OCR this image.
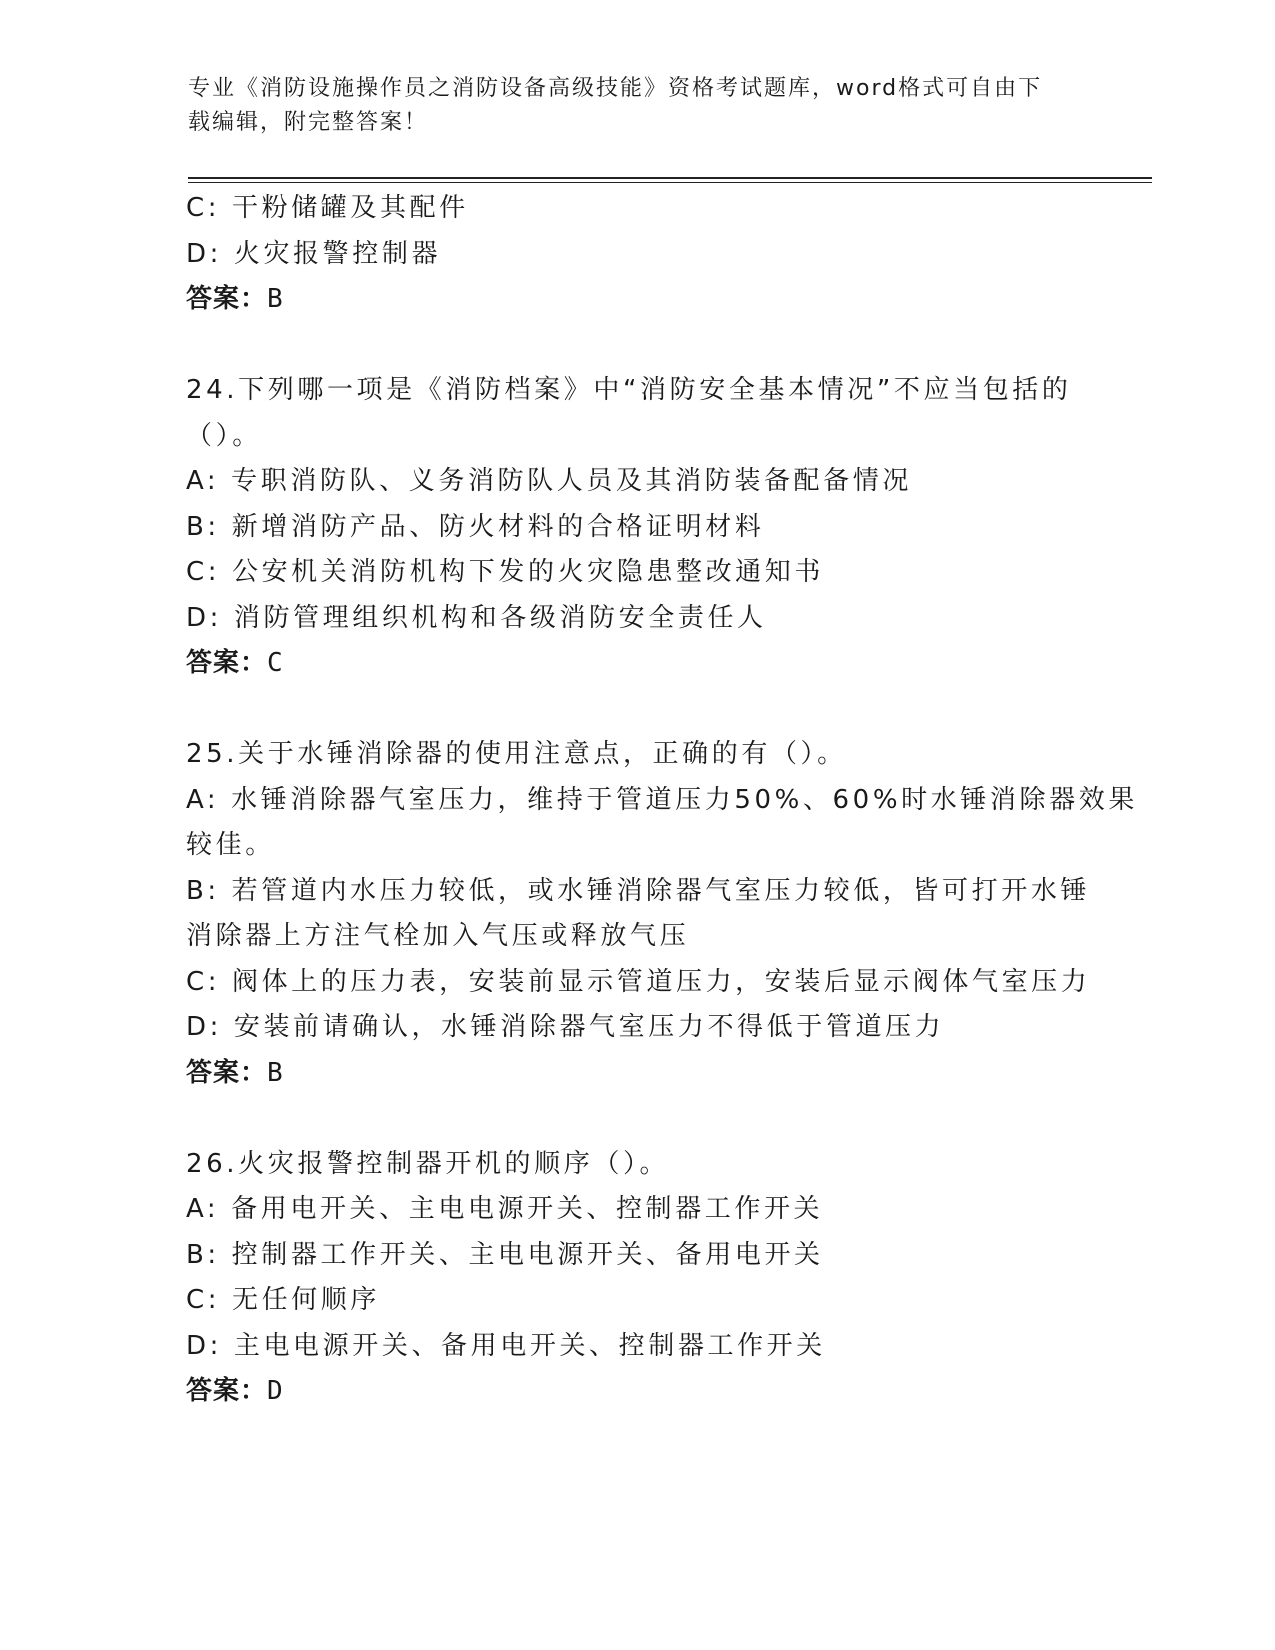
专业《消防设施操作员之消防设备高级技能》资格考试题库，word格式可自由下
载编辑，附完整答案！
C: 干粉储罐及其配件
D: 火灾报警控制器
答案：B
24.下列哪一项是《消防档案》中“消防安全基本情况”不应当包括的
（）。
A: 专职消防队、义务消防队人员及其消防装备配备情况
B: 新增消防产品、防火材料的合格证明材料
C: 公安机关消防机构下发的火灾隐患整改通知书
D: 消防管理组织机构和各级消防安全责任人
答案：C
25.关于水锤消除器的使用注意点，正确的有（）。
A: 水锤消除器气室压力，维持于管道压力50%、60%时水锤消除器效果
较佳。
B: 若管道内水压力较低，或水锤消除器气室压力较低，皆可打开水锤
消除器上方注气栓加入气压或释放气压
C: 阀体上的压力表，安装前显示管道压力，安装后显示阀体气室压力
D: 安装前请确认，水锤消除器气室压力不得低于管道压力
答案：B
26.火灾报警控制器开机的顺序（）。
A: 备用电开关、主电电源开关、控制器工作开关
B: 控制器工作开关、主电电源开关、备用电开关
C: 无任何顺序
D: 主电电源开关、备用电开关、控制器工作开关
答案：D
